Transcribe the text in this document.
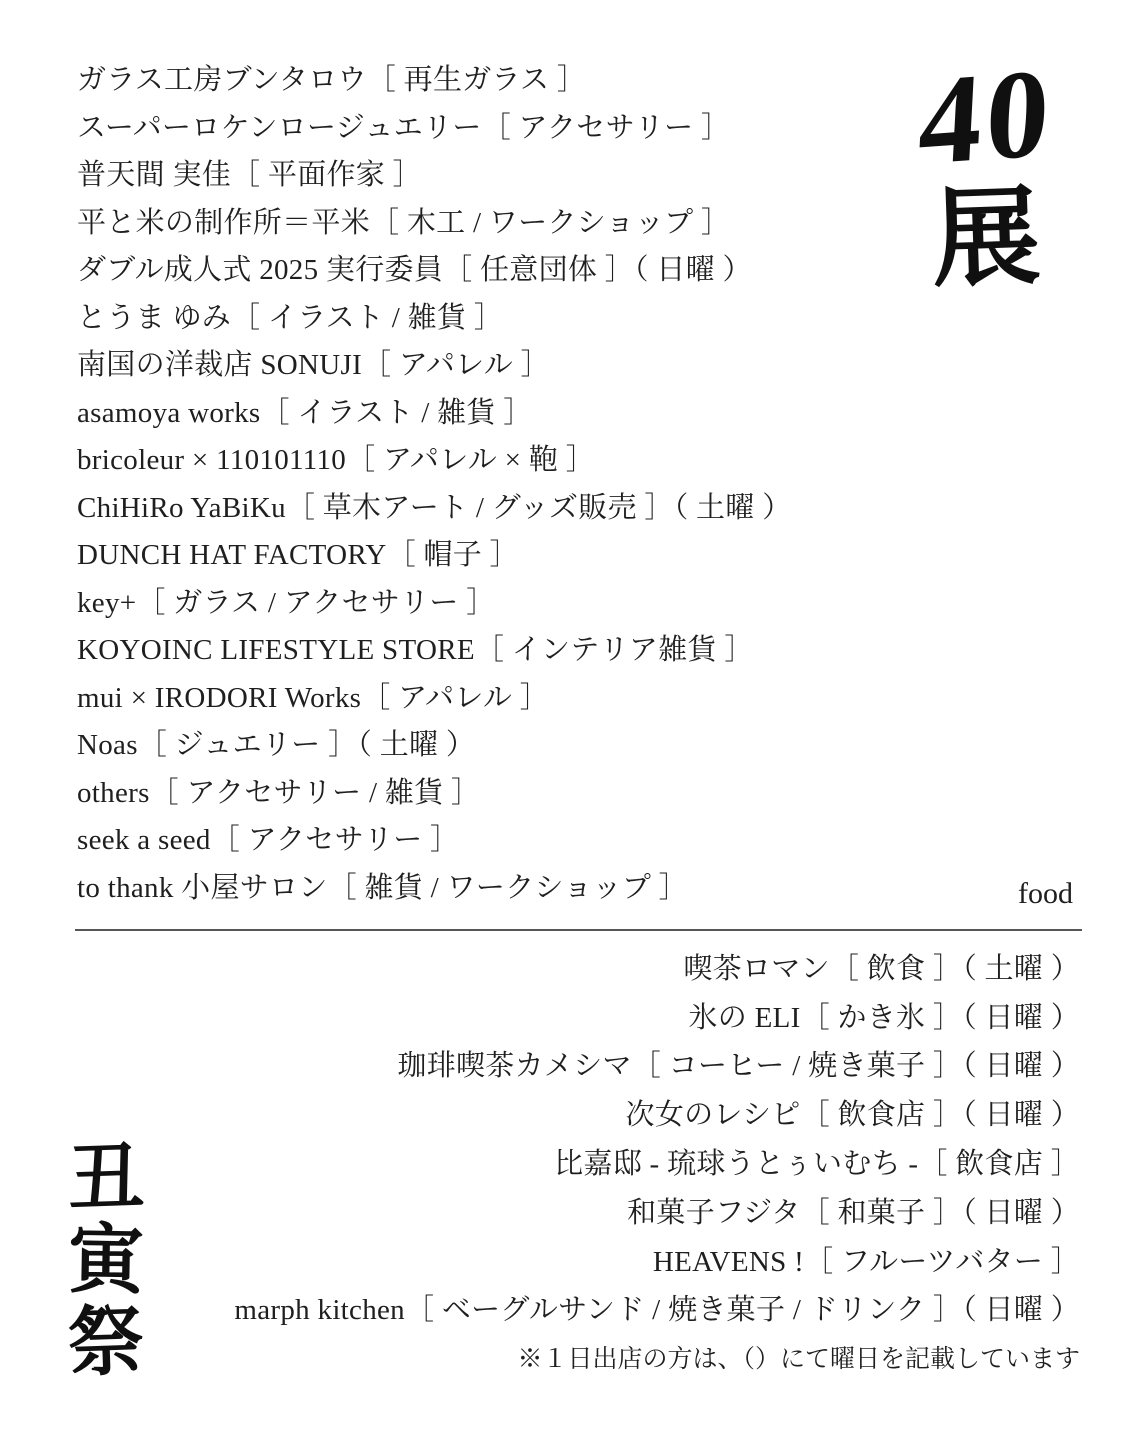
ガラス工房ブンタロウ［ 再生ガラス ］
スーパーロケンロージュエリー［ アクセサリー ］
普天間 実佳［ 平面作家 ］
平と米の制作所＝平米［ 木工 / ワークショップ ］
ダブル成人式 2025 実行委員［ 任意団体 ］（ 日曜 ）
とうま ゆみ［ イラスト / 雑貨 ］
南国の洋裁店 SONUJI［ アパレル ］
asamoya works［ イラスト / 雑貨 ］
bricoleur × 110101110［ アパレル × 鞄 ］
ChiHiRo YaBiKu［ 草木アート / グッズ販売 ］（ 土曜 ）
DUNCH HAT FACTORY［ 帽子 ］
key+［ ガラス / アクセサリー ］
KOYOINC LIFESTYLE STORE［ インテリア雑貨 ］
mui × IRODORI Works［ アパレル ］
Noas［ ジュエリー ］（ 土曜 ）
others［ アクセサリー / 雑貨 ］
seek a seed［ アクセサリー ］
to thank 小屋サロン［ 雑貨 / ワークショップ ］
40
展
food
喫茶ロマン［ 飲食 ］（ 土曜 ）
氷の ELI［ かき氷 ］（ 日曜 ）
珈琲喫茶カメシマ［ コーヒー / 焼き菓子 ］（ 日曜 ）
次女のレシピ［ 飲食店 ］（ 日曜 ）
比嘉邸 - 琉球うとぅいむち -［ 飲食店 ］
和菓子フジタ［ 和菓子 ］（ 日曜 ）
HEAVENS !［ フルーツバター ］
marph kitchen［ ベーグルサンド / 焼き菓子 / ドリンク ］（ 日曜 ）
※１日出店の方は、（）にて曜日を記載しています
丑
寅
祭
